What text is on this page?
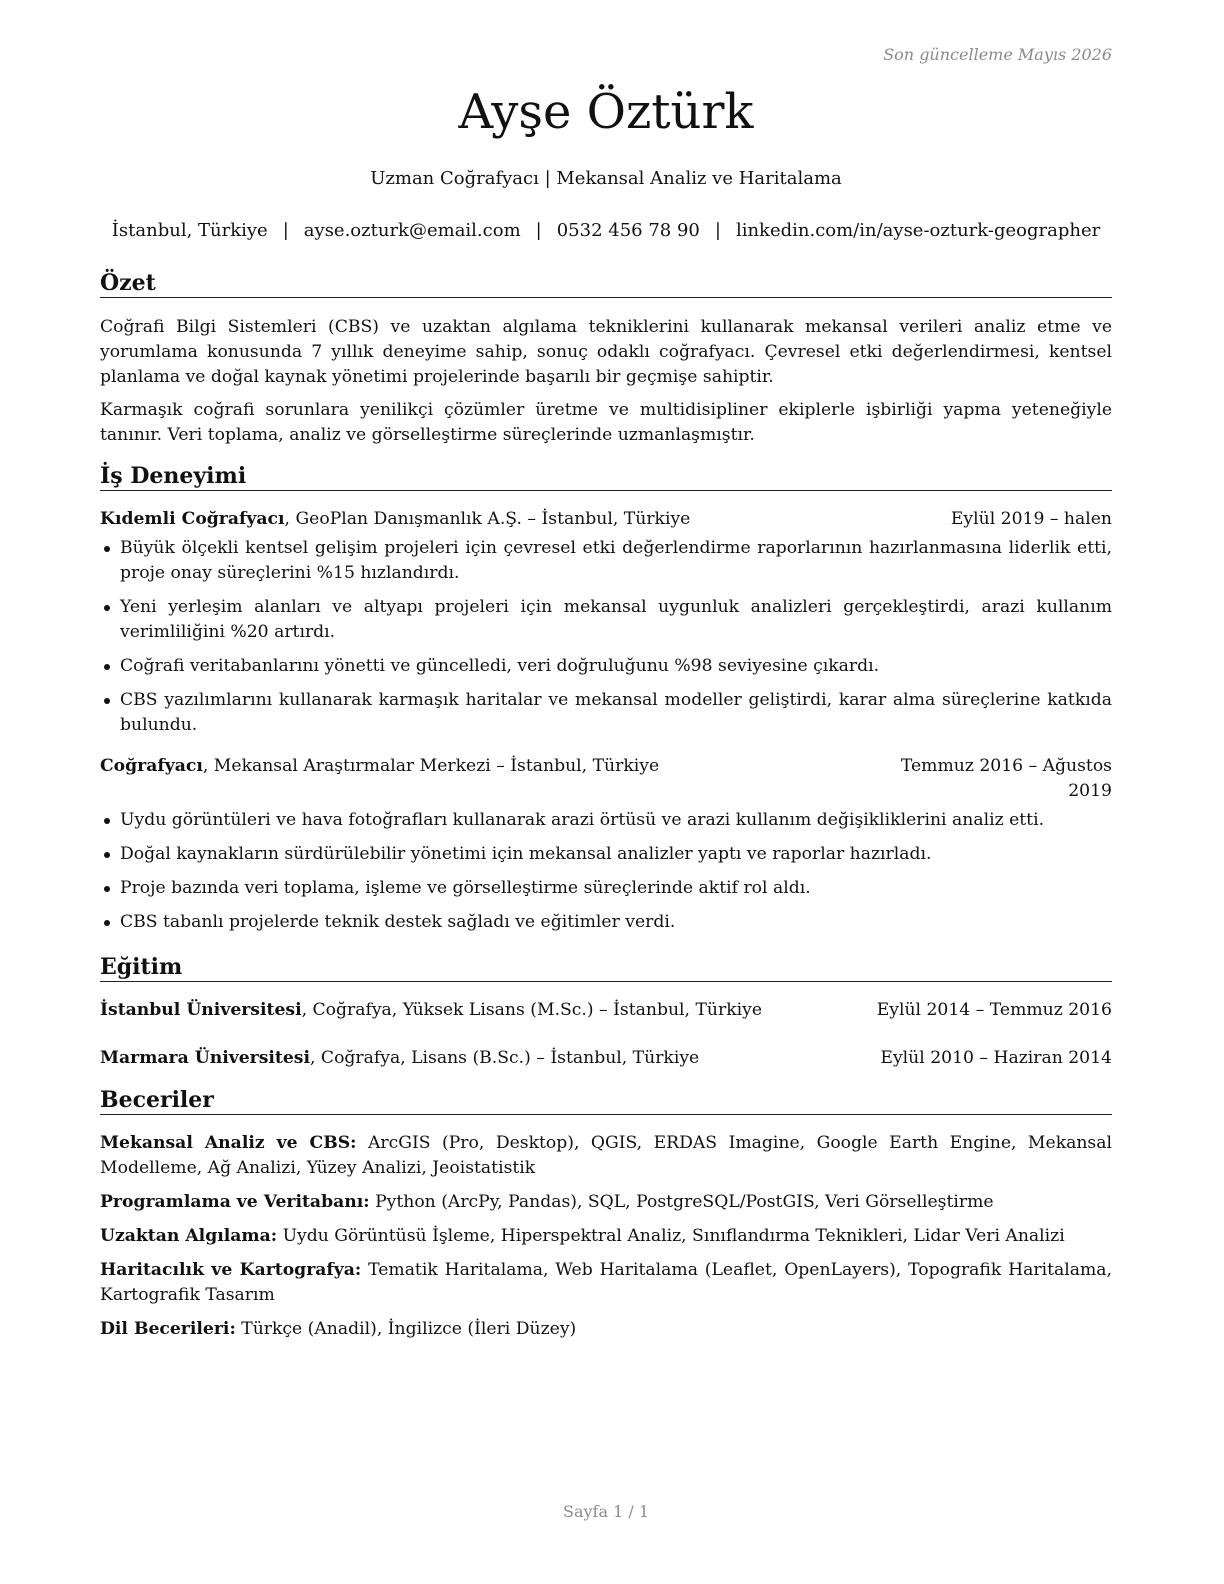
Son güncelleme Mayıs 2026
Ayşe Öztürk
Uzman Coğrafyacı | Mekansal Analiz ve Haritalama
İstanbul, Türkiye | ayse.ozturk@email.com | 0532 456 78 90 | linkedin.com/in/ayse-ozturk-geographer
Özet

Coğrafi Bilgi Sistemleri (CBS) ve uzaktan algılama tekniklerini kullanarak mekansal verileri analiz etme ve yorumlama konusunda 7 yıllık deneyime sahip, sonuç odaklı coğrafyacı. Çevresel etki değerlendirmesi, kentsel planlama ve doğal kaynak yönetimi projelerinde başarılı bir geçmişe sahiptir.

Karmaşık coğrafi sorunlara yenilikçi çözümler üretme ve multidisipliner ekiplerle işbirliği yapma yeteneğiyle tanınır. Veri toplama, analiz ve görselleştirme süreçlerinde uzmanlaşmıştır.

İş Deneyimi
Kıdemli Coğrafyacı, GeoPlan Danışmanlık A.Ş. – İstanbul, Türkiye	Eylül 2019 – halen
Büyük ölçekli kentsel gelişim projeleri için çevresel etki değerlendirme raporlarının hazırlanmasına liderlik etti, proje onay süreçlerini %15 hızlandırdı.
Yeni yerleşim alanları ve altyapı projeleri için mekansal uygunluk analizleri gerçekleştirdi, arazi kullanım verimliliğini %20 artırdı.
Coğrafi veritabanlarını yönetti ve güncelledi, veri doğruluğunu %98 seviyesine çıkardı.
CBS yazılımlarını kullanarak karmaşık haritalar ve mekansal modeller geliştirdi, karar alma süreçlerine katkıda bulundu.
Coğrafyacı, Mekansal Araştırmalar Merkezi – İstanbul, Türkiye	Temmuz 2016 – Ağustos 2019
Uydu görüntüleri ve hava fotoğrafları kullanarak arazi örtüsü ve arazi kullanım değişikliklerini analiz etti.
Doğal kaynakların sürdürülebilir yönetimi için mekansal analizler yaptı ve raporlar hazırladı.
Proje bazında veri toplama, işleme ve görselleştirme süreçlerinde aktif rol aldı.
CBS tabanlı projelerde teknik destek sağladı ve eğitimler verdi.
Eğitim
İstanbul Üniversitesi, Coğrafya, Yüksek Lisans (M.Sc.) – İstanbul, Türkiye	Eylül 2014 – Temmuz 2016
Marmara Üniversitesi, Coğrafya, Lisans (B.Sc.) – İstanbul, Türkiye	Eylül 2010 – Haziran 2014
Beceriler

Mekansal Analiz ve CBS: ArcGIS (Pro, Desktop), QGIS, ERDAS Imagine, Google Earth Engine, Mekansal Modelleme, Ağ Analizi, Yüzey Analizi, Jeoistatistik

Programlama ve Veritabanı: Python (ArcPy, Pandas), SQL, PostgreSQL/PostGIS, Veri Görselleştirme

Uzaktan Algılama: Uydu Görüntüsü İşleme, Hiperspektral Analiz, Sınıflandırma Teknikleri, Lidar Veri Analizi

Haritacılık ve Kartografya: Tematik Haritalama, Web Haritalama (Leaflet, OpenLayers), Topografik Haritalama, Kartografik Tasarım

Dil Becerileri: Türkçe (Anadil), İngilizce (İleri Düzey)

Sayfa 1 / 1
